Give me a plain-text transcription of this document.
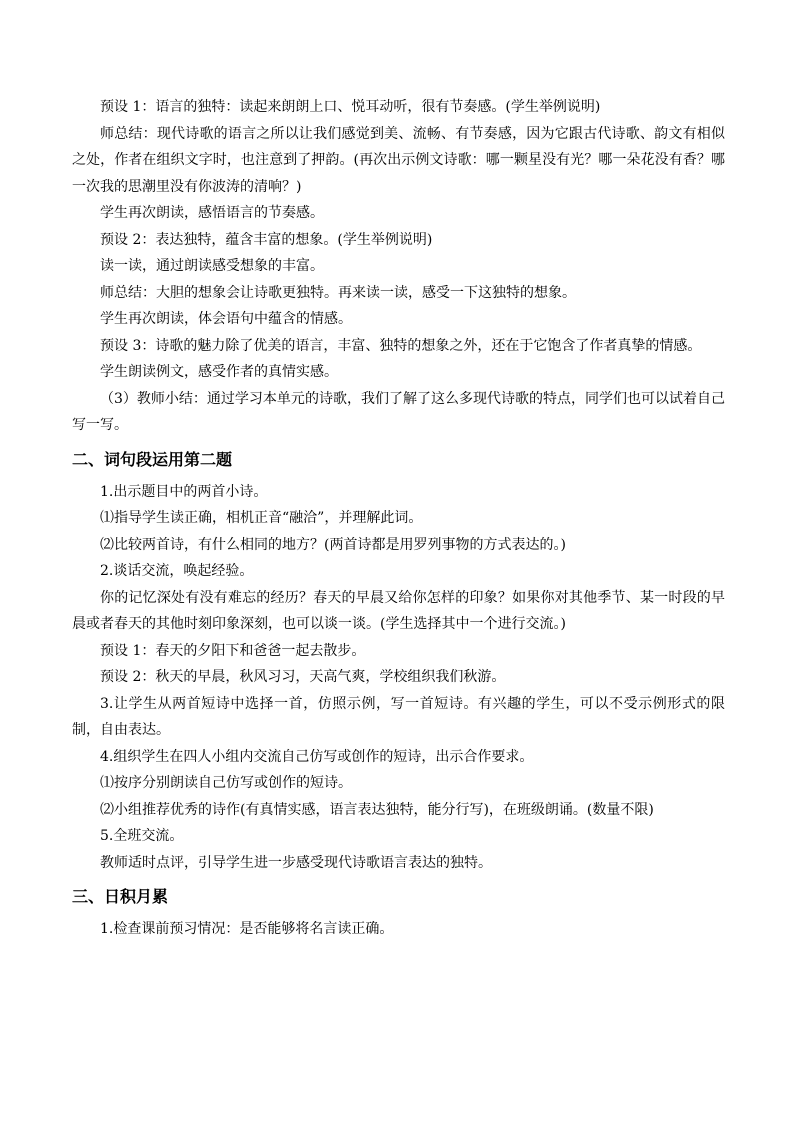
预设 1：语言的独特：读起来朗朗上口、悦耳动听，很有节奏感。(学生举例说明)

师总结：现代诗歌的语言之所以让我们感觉到美、流畅、有节奏感，因为它跟古代诗歌、韵文有相似之处，作者在组织文字时，也注意到了押韵。(再次出示例文诗歌：哪一颗星没有光？哪一朵花没有香？哪一次我的思潮里没有你波涛的清响？)

学生再次朗读，感悟语言的节奏感。

预设 2：表达独特，蕴含丰富的想象。(学生举例说明)

读一读，通过朗读感受想象的丰富。

师总结：大胆的想象会让诗歌更独特。再来读一读，感受一下这独特的想象。

学生再次朗读，体会语句中蕴含的情感。

预设 3：诗歌的魅力除了优美的语言，丰富、独特的想象之外，还在于它饱含了作者真挚的情感。

学生朗读例文，感受作者的真情实感。

（3）教师小结：通过学习本单元的诗歌，我们了解了这么多现代诗歌的特点，同学们也可以试着自己写一写。

二、词句段运用第二题

1.出示题目中的两首小诗。

⑴指导学生读正确，相机正音“融洽”，并理解此词。

⑵比较两首诗，有什么相同的地方？(两首诗都是用罗列事物的方式表达的。)

2.谈话交流，唤起经验。

你的记忆深处有没有难忘的经历？春天的早晨又给你怎样的印象？如果你对其他季节、某一时段的早晨或者春天的其他时刻印象深刻，也可以谈一谈。(学生选择其中一个进行交流。)

预设 1：春天的夕阳下和爸爸一起去散步。

预设 2：秋天的早晨，秋风习习，天高气爽，学校组织我们秋游。

3.让学生从两首短诗中选择一首，仿照示例，写一首短诗。有兴趣的学生，可以不受示例形式的限制，自由表达。

4.组织学生在四人小组内交流自己仿写或创作的短诗，出示合作要求。

⑴按序分别朗读自己仿写或创作的短诗。

⑵小组推荐优秀的诗作(有真情实感，语言表达独特，能分行写)，在班级朗诵。(数量不限)

5.全班交流。

教师适时点评，引导学生进一步感受现代诗歌语言表达的独特。

三、日积月累

1.检查课前预习情况：是否能够将名言读正确。
